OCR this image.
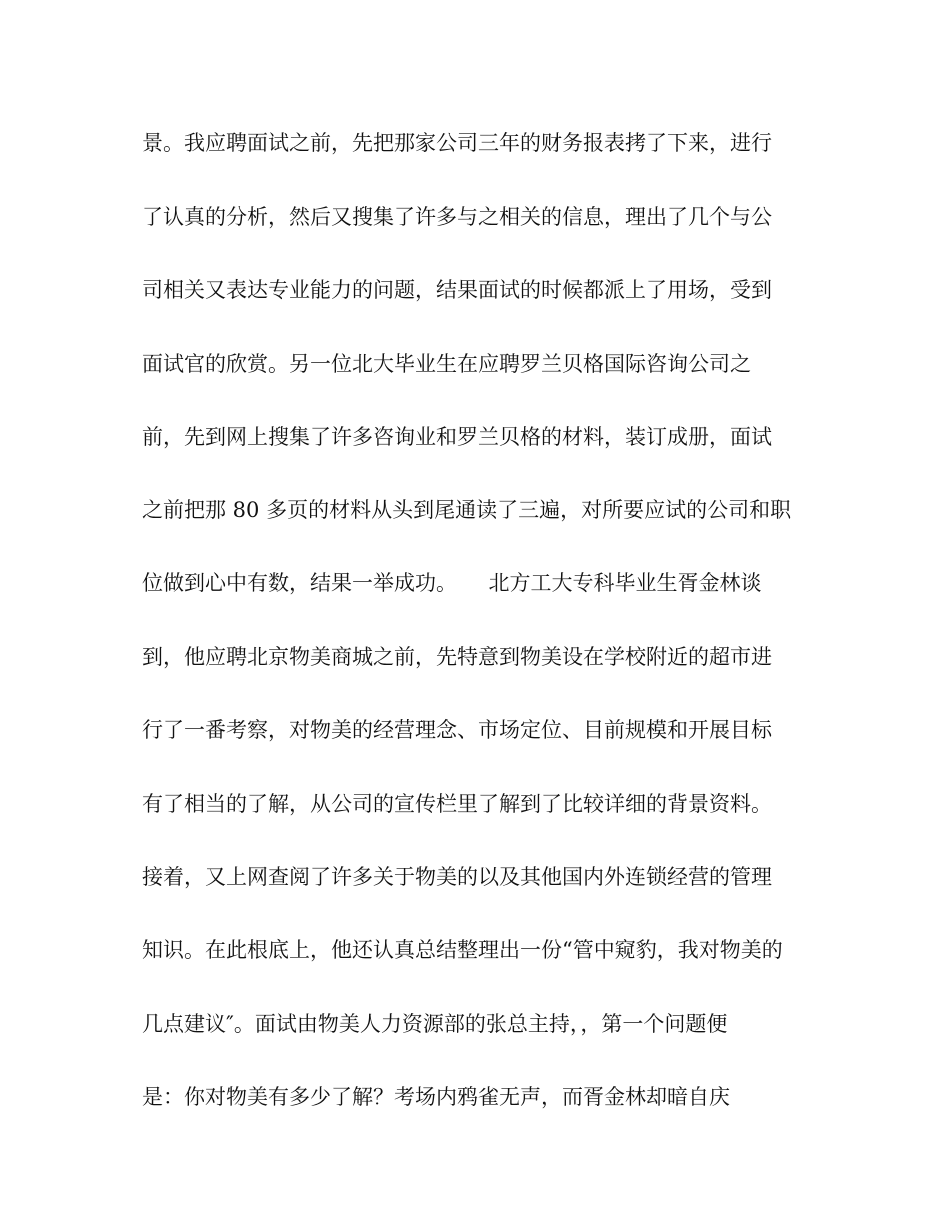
景。我应聘面试之前，先把那家公司三年的财务报表拷了下来，进行
了认真的分析，然后又搜集了许多与之相关的信息，理出了几个与公
司相关又表达专业能力的问题，结果面试的时候都派上了用场，受到
面试官的欣赏。另一位北大毕业生在应聘罗兰贝格国际咨询公司之
前，先到网上搜集了许多咨询业和罗兰贝格的材料，装订成册，面试
之前把那 80 多页的材料从头到尾通读了三遍，对所要应试的公司和职
位做到心中有数，结果一举成功。　　北方工大专科毕业生胥金林谈
到，他应聘北京物美商城之前，先特意到物美设在学校附近的超市进
行了一番考察，对物美的经营理念、市场定位、目前规模和开展目标
有了相当的了解，从公司的宣传栏里了解到了比较详细的背景资料。
接着，又上网查阅了许多关于物美的以及其他国内外连锁经营的管理
知识。在此根底上，他还认真总结整理出一份“管中窥豹，我对物美的
几点建议″。面试由物美人力资源部的张总主持，，第一个问题便
是：你对物美有多少了解？考场内鸦雀无声，而胥金林却暗自庆
